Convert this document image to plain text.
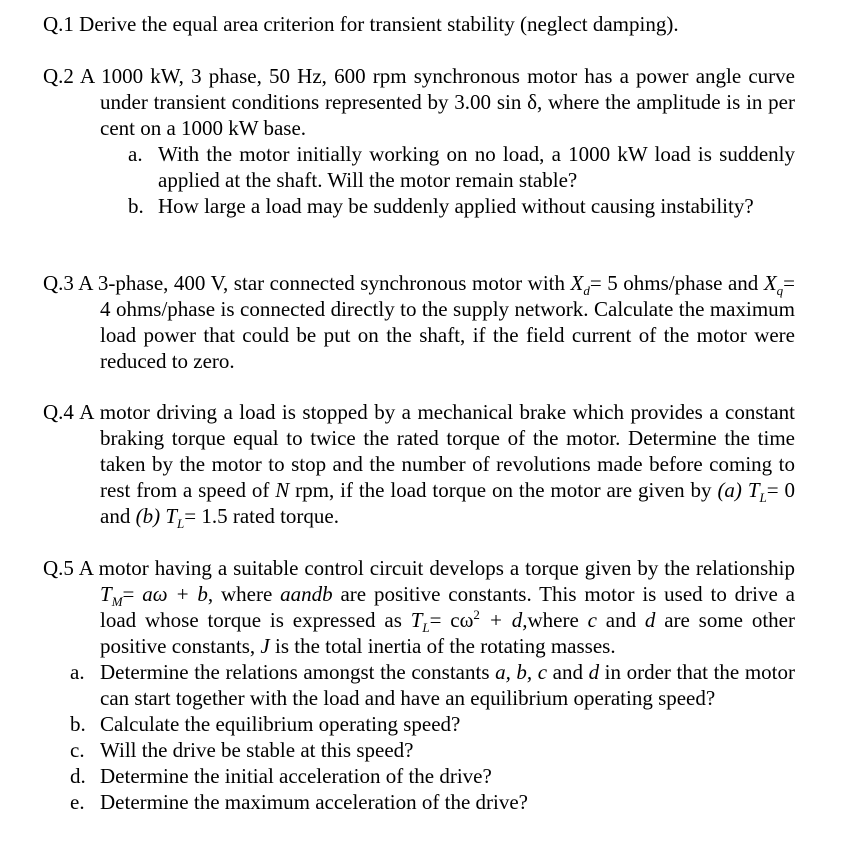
Q.1 Derive the equal area criterion for transient stability (neglect damping).

Q.2 A 1000 kW, 3 phase, 50 Hz, 600 rpm synchronous motor has a power angle curve under transient conditions represented by 3.00 sin δ, where the amplitude is in per cent on a 1000 kW base.

a. With the motor initially working on no load, a 1000 kW load is suddenly applied at the shaft. Will the motor remain stable?

b. How large a load may be suddenly applied without causing instability?

Q.3 A 3-phase, 400 V, star connected synchronous motor with $X_d= 5$ ohms/phase and $X_q= 4$ ohms/phase is connected directly to the supply network. Calculate the maximum load power that could be put on the shaft, if the field current of the motor were reduced to zero.

Q.4 A motor driving a load is stopped by a mechanical brake which provides a constant braking torque equal to twice the rated torque of the motor. Determine the time taken by the motor to stop and the number of revolutions made before coming to rest from a speed of N rpm, if the load torque on the motor are given by (a) $T_L= 0$ and (b) $T_L= 1.5$ rated torque.

Q.5 A motor having a suitable control circuit develops a torque given by the relationship $T_M= a\omega + b$, where aandb are positive constants. This motor is used to drive a load whose torque is expressed as $T_L= c\omega^2$ + d,where c and d are some other positive constants, J is the total inertia of the rotating masses.

a. Determine the relations amongst the constants a, b, c and d in order that the motor can start together with the load and have an equilibrium operating speed?

b. Calculate the equilibrium operating speed?

c. Will the drive be stable at this speed?

d. Determine the initial acceleration of the drive?

e. Determine the maximum acceleration of the drive?
